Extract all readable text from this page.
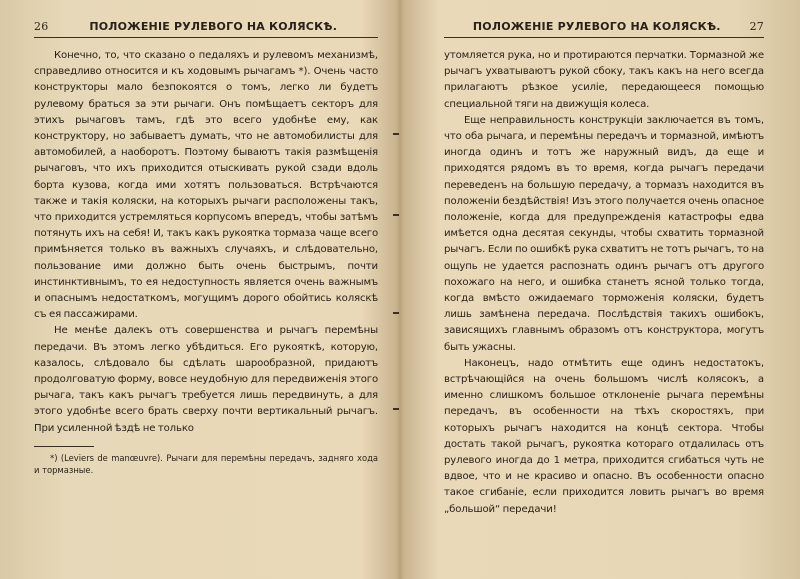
26	ПОЛОЖЕНІЕ РУЛЕВОГО НА КОЛЯСКѢ.

Конечно, то, что сказано о педаляхъ и рулевомъ механизмѣ, справедливо относится и къ ходовымъ рычагамъ *). Очень часто конструкторы мало безпокоятся о томъ, легко ли будетъ рулевому браться за эти рычаги. Онъ помѣщаетъ секторъ для этихъ рычаговъ тамъ, гдѣ это всего удобнѣе ему, как конструктору, но забываетъ думать, что не автомобилисты для автомобилей, а наоборотъ. Поэтому бываютъ такія размѣщенія рычаговъ, что ихъ приходится отыскивать рукой сзади вдоль борта кузова, когда ими хотятъ пользоваться. Встрѣчаются также и такія коляски, на которыхъ рычаги расположены такъ, что приходится устремляться корпусомъ впередъ, чтобы затѣмъ потянуть ихъ на себя! И, такъ какъ рукоятка тормаза чаще всего примѣняется только въ важныхъ случаяхъ, и слѣдовательно, пользование ими должно быть очень быстрымъ, почти инстинктивнымъ, то ея недоступность является очень важнымъ и опаснымъ недостаткомъ, могущимъ дорого обойтись коляскѣ съ ея пассажирами.

Не менѣе далекъ отъ совершенства и рычагъ перемѣны передачи. Въ этомъ легко убѣдиться. Его рукояткѣ, которую, казалось, слѣдовало бы сдѣлать шарообразной, придаютъ продолговатую форму, вовсе неудобную для передвиженія этого рычага, такъ какъ рычагъ требуется лишь передвинуть, а для этого удобнѣе всего брать сверху почти вертикальный рычагъ. При усиленной ѣздѣ не только

*) (Leviers de manœuvre). Рычаги для перемѣны передачъ, задняго хода и тормазные.

ПОЛОЖЕНІЕ РУЛЕВОГО НА КОЛЯСКѢ.	27

утомляется рука, но и протираются перчатки. Тормазной же рычагъ ухватываютъ рукой сбоку, такъ какъ на него всегда прилагаютъ рѣзкое усиліе, передающееся помощью специальной тяги на движущія колеса.

Еще неправильность конструкціи заключается въ томъ, что оба рычага, и перемѣны передачъ и тормазной, имѣютъ иногда одинъ и тотъ же наружный видъ, да еще и приходятся рядомъ въ то время, когда рычагъ передачи переведенъ на большую передачу, а тормазъ находится въ положеніи бездѣйствія! Изъ этого получается очень опасное положеніе, когда для предупрежденія катастрофы едва имѣется одна десятая секунды, чтобы схватить тормазной рычагъ. Если по ошибкѣ рука схватитъ не тотъ рычагъ, то на ощупь не удается распознать одинъ рычагъ отъ другого похожаго на него, и ошибка станетъ ясной только тогда, когда вмѣсто ожидаемаго торможенія коляски, будетъ лишь замѣнена передача. Послѣдствія такихъ ошибокъ, зависящихъ главнымъ образомъ отъ конструктора, могутъ быть ужасны.

Наконецъ, надо отмѣтить еще одинъ недостатокъ, встрѣчающійся на очень большомъ числѣ колясокъ, а именно слишкомъ большое отклоненіе рычага перемѣны передачъ, въ особенности на тѣхъ скоростяхъ, при которыхъ рычагъ находится на концѣ сектора. Чтобы достать такой рычагъ, рукоятка котораго отдалилась отъ рулевого иногда до 1 метра, приходится сгибаться чуть не вдвое, что и не красиво и опасно. Въ особенности опасно такое сгибаніе, если приходится ловить рычагъ во время „большой“ передачи!
